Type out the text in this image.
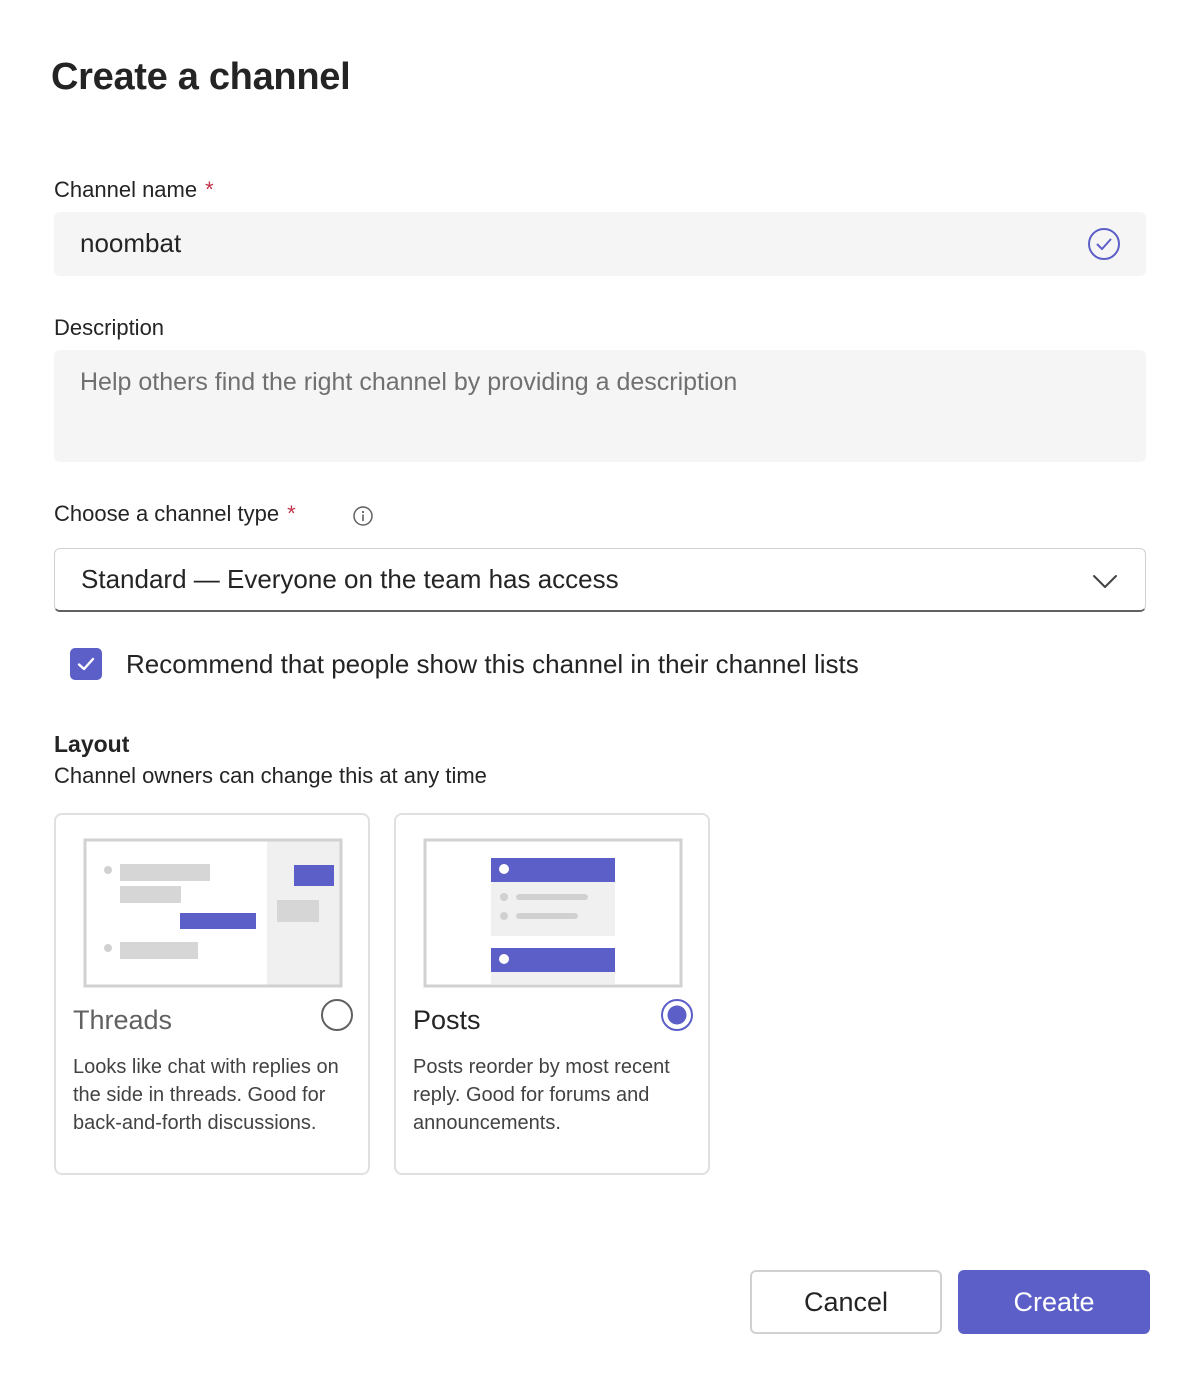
Create a channel
Channel name *
noombat
Description
Help others find the right channel by providing a description
Choose a channel type *
Standard — Everyone on the team has access
Recommend that people show this channel in their channel lists
Layout
Channel owners can change this at any time
Threads
Looks like chat with replies on the side in threads. Good for back-and-forth discussions.
Posts
Posts reorder by most recent reply. Good for forums and announcements.
Cancel	Create
